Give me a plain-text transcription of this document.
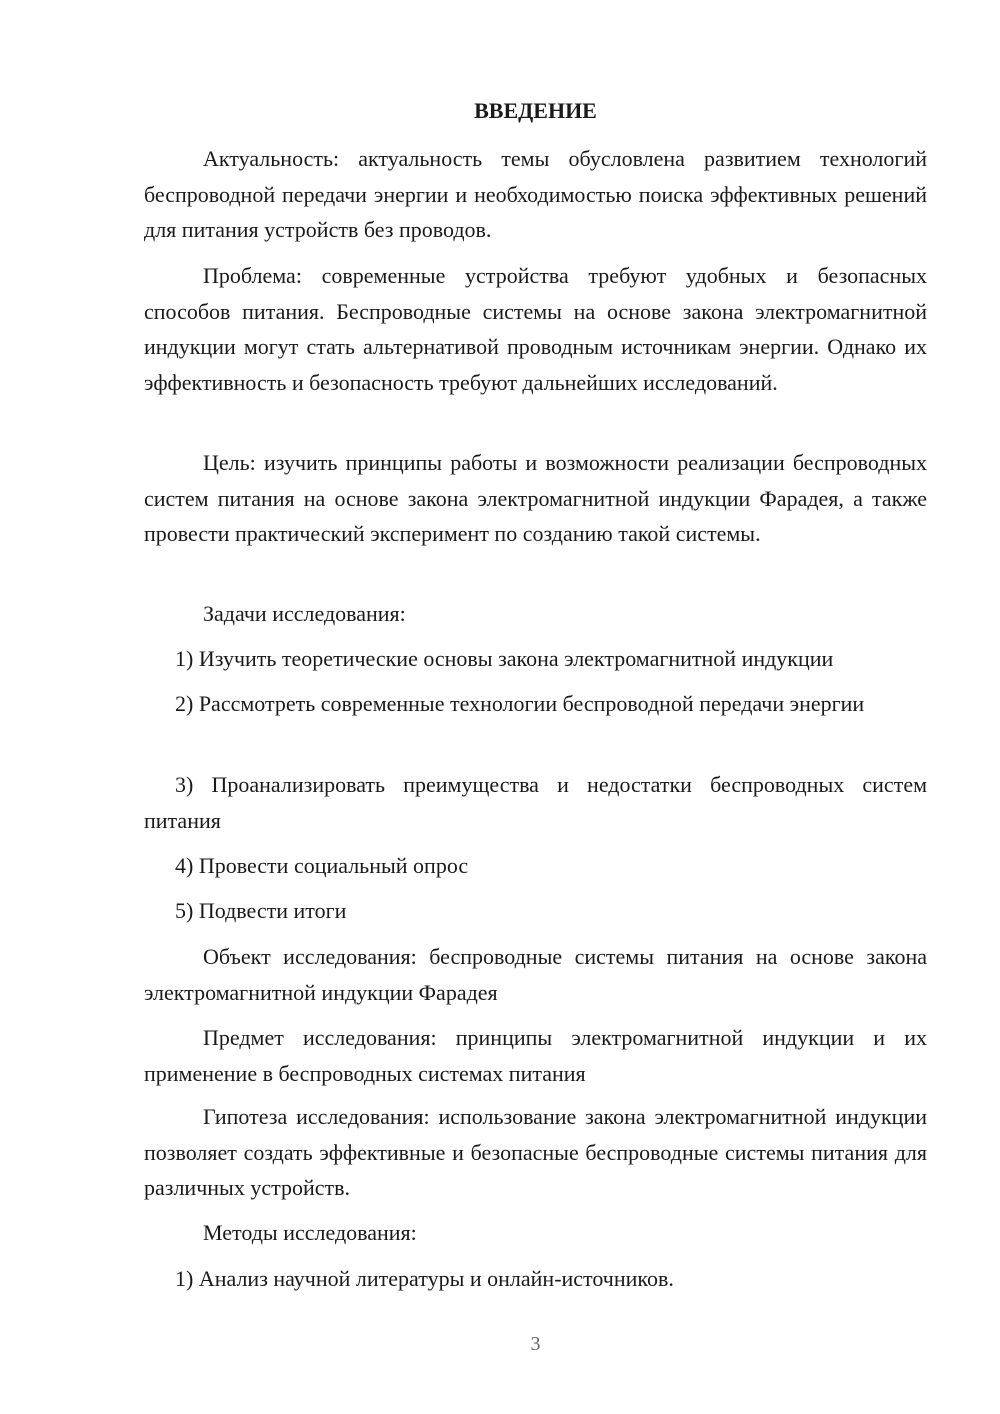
ВВЕДЕНИЕ

Актуальность: актуальность темы обусловлена развитием технологий беспроводной передачи энергии и необходимостью поиска эффективных решений для питания устройств без проводов.

Проблема: современные устройства требуют удобных и безопасных способов питания. Беспроводные системы на основе закона электромагнитной индукции могут стать альтернативой проводным источникам энергии. Однако их эффективность и безопасность требуют дальнейших исследований.

Цель: изучить принципы работы и возможности реализации беспроводных систем питания на основе закона электромагнитной индукции Фарадея, а также провести практический эксперимент по созданию такой системы.

Задачи исследования:

1) Изучить теоретические основы закона электромагнитной индукции

2) Рассмотреть современные технологии беспроводной передачи энергии

3) Проанализировать преимущества и недостатки беспроводных систем питания

4) Провести социальный опрос

5) Подвести итоги

Объект исследования: беспроводные системы питания на основе закона электромагнитной индукции Фарадея

Предмет исследования: принципы электромагнитной индукции и их применение в беспроводных системах питания

Гипотеза исследования: использование закона электромагнитной индукции позволяет создать эффективные и безопасные беспроводные системы питания для различных устройств.

Методы исследования:

1) Анализ научной литературы и онлайн-источников.

3
